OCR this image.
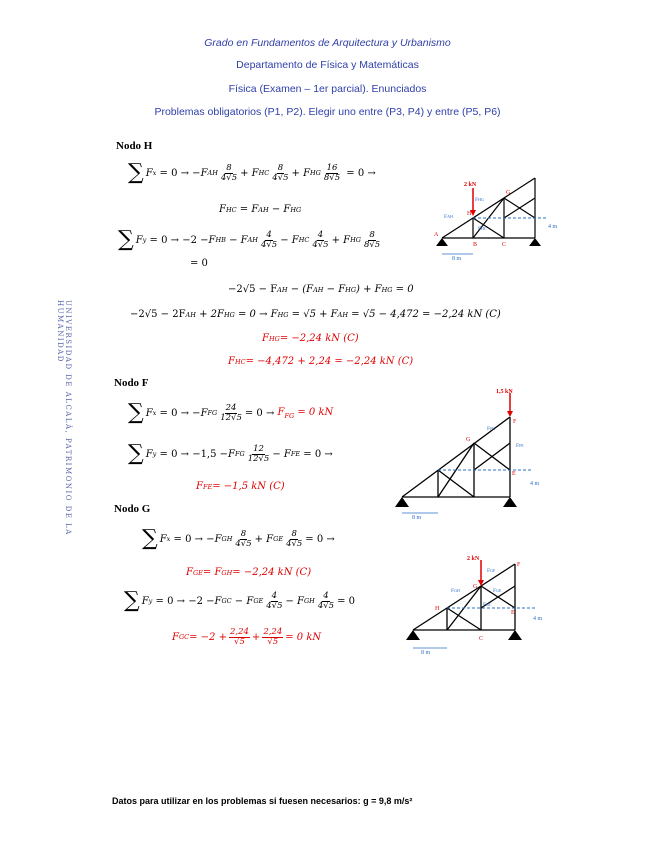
Grado en Fundamentos de Arquitectura y Urbanismo
Departamento de Física y Matemáticas
Física (Examen – 1er parcial). Enunciados
Problemas obligatorios (P1, P2). Elegir uno entre (P3, P4) y entre (P5, P6)
UNIVERSIDAD DE ALCALÁ, PATRIMONIO DE LA HUMANIDAD
Nodo H
∑ F x = 0 → − F AH $\frac{8}{4√5} + F$ HC $\frac{8}{4√5} + F$ HG $\frac{16}{8√5} = 0$ →
F HC = F AH − F HG
∑ F y = 0 → −2 − F HB − F AH $\frac{4}{4√5} - F$ HC $\frac{4}{4√5} + F$ HG $\frac{8}{8√5}$
= 0
−2√5 − F AH − (F AH − F HG ) + F HG = 0
−2√5 − 2F AH + 2F HG = 0 → F HG = √5 + F AH = √5 − 4,472 = −2,24 kN (C)
F HG = −2,24 kN (C)
F HC = −4,472 + 2,24 = −2,24 kN (C)
Nodo F
∑ F x = 0 → − F FG $\frac{24}{12√5} = 0 \to F_{FG} = 0$ kN
∑ F y = 0 → −1,5 − F FG $\frac{12}{12√5} - F$ FE = 0 →
F FE = −1,5 kN (C)
Nodo G
∑ F x = 0 → − F GH $\frac{8}{4√5} + F$ GE $\frac{8}{4√5} = 0$ →
F GE = F GH = −2,24 kN (C)
∑ F y = 0 → −2 − F GC − F GE $\frac{4}{4√5} - F$ GH $\frac{4}{4√5} = 0$
F GC = $-2 + \frac{2,24}{√5} + \frac{2,24}{√5} = 0$ kN
2 kN
A
H
B	C
G
FAH
FHG
FHC	4 m
8 m
1,5 kN
F
G
E
FFG
FFE
4 m
8 m
2 kN
F
G
H
C
E
FGH
FGF
FGE
FGC
4 m
8 m
Datos para utilizar en los problemas si fuesen necesarios: g = 9,8 m/s²
